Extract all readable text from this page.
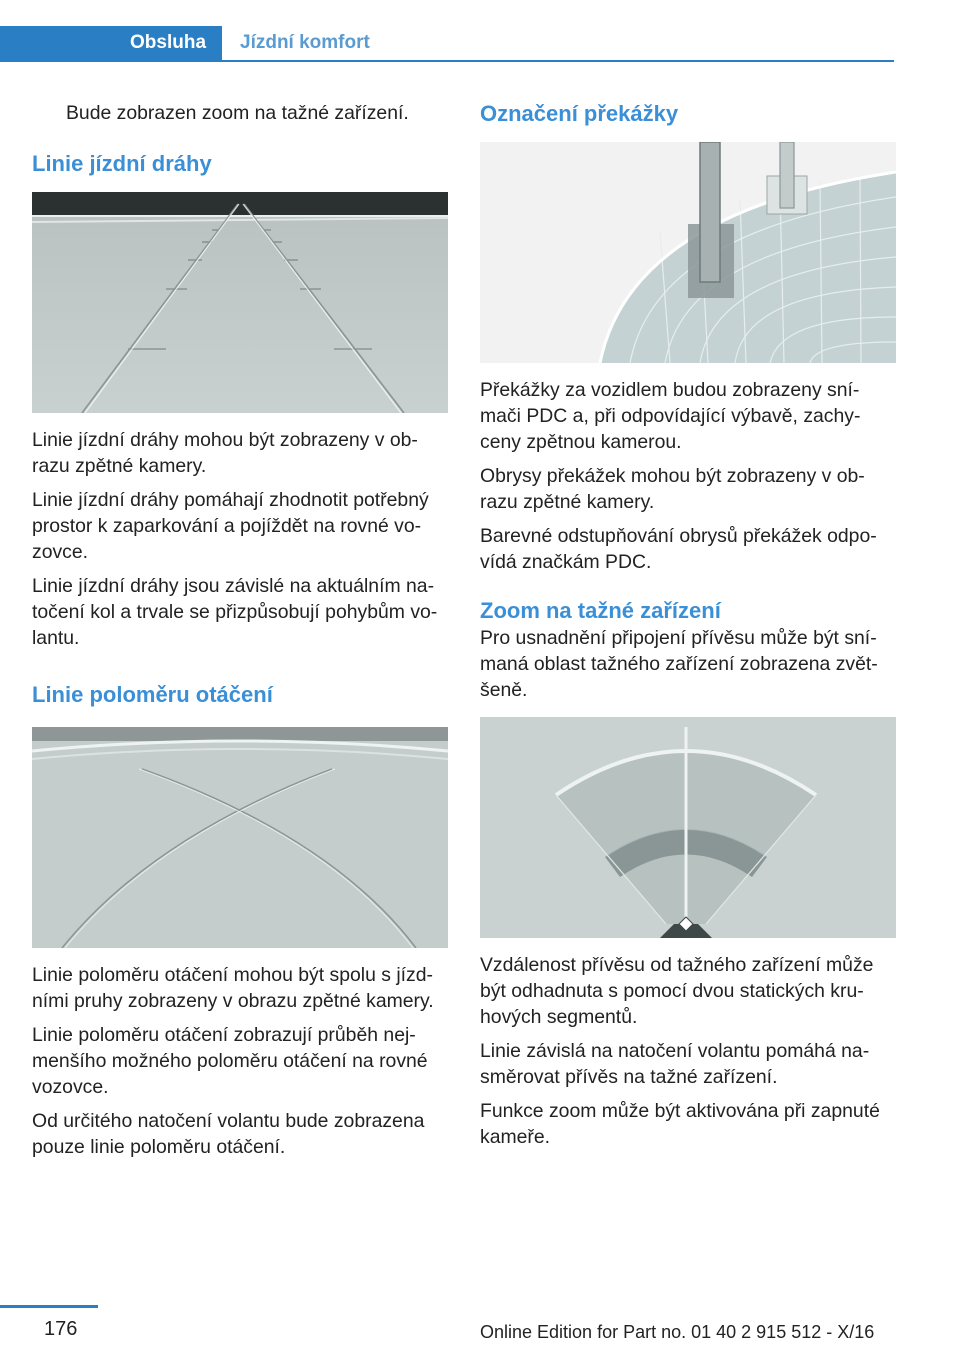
Obsluha	Jízdní komfort

Bude zobrazen zoom na tažné zařízení.

Linie jízdní dráhy

Linie jízdní dráhy mohou být zobrazeny v ob‐ razu zpětné kamery.

Linie jízdní dráhy pomáhají zhodnotit potřebný prostor k zaparkování a pojíždět na rovné vo‐ zovce.

Linie jízdní dráhy jsou závislé na aktuálním na‐ točení kol a trvale se přizpůsobují pohybům vo‐ lantu.

Linie poloměru otáčení

Linie poloměru otáčení mohou být spolu s jízd‐ ními pruhy zobrazeny v obrazu zpětné kamery.

Linie poloměru otáčení zobrazují průběh nej‐ menšího možného poloměru otáčení na rovné vozovce.

Od určitého natočení volantu bude zobrazena pouze linie poloměru otáčení.

Označení překážky

Překážky za vozidlem budou zobrazeny sní‐ mači PDC a, při odpovídající výbavě, zachy‐ ceny zpětnou kamerou.

Obrysy překážek mohou být zobrazeny v ob‐ razu zpětné kamery.

Barevné odstupňování obrysů překážek odpo‐ vídá značkám PDC.

Zoom na tažné zařízení

Pro usnadnění připojení přívěsu může být sní‐ maná oblast tažného zařízení zobrazena zvět‐ šeně.

Vzdálenost přívěsu od tažného zařízení může být odhadnuta s pomocí dvou statických kru‐ hových segmentů.

Linie závislá na natočení volantu pomáhá na‐ směrovat přívěs na tažné zařízení.

Funkce zoom může být aktivována při zapnuté kameře.

176	Online Edition for Part no. 01 40 2 915 512 - X/16
